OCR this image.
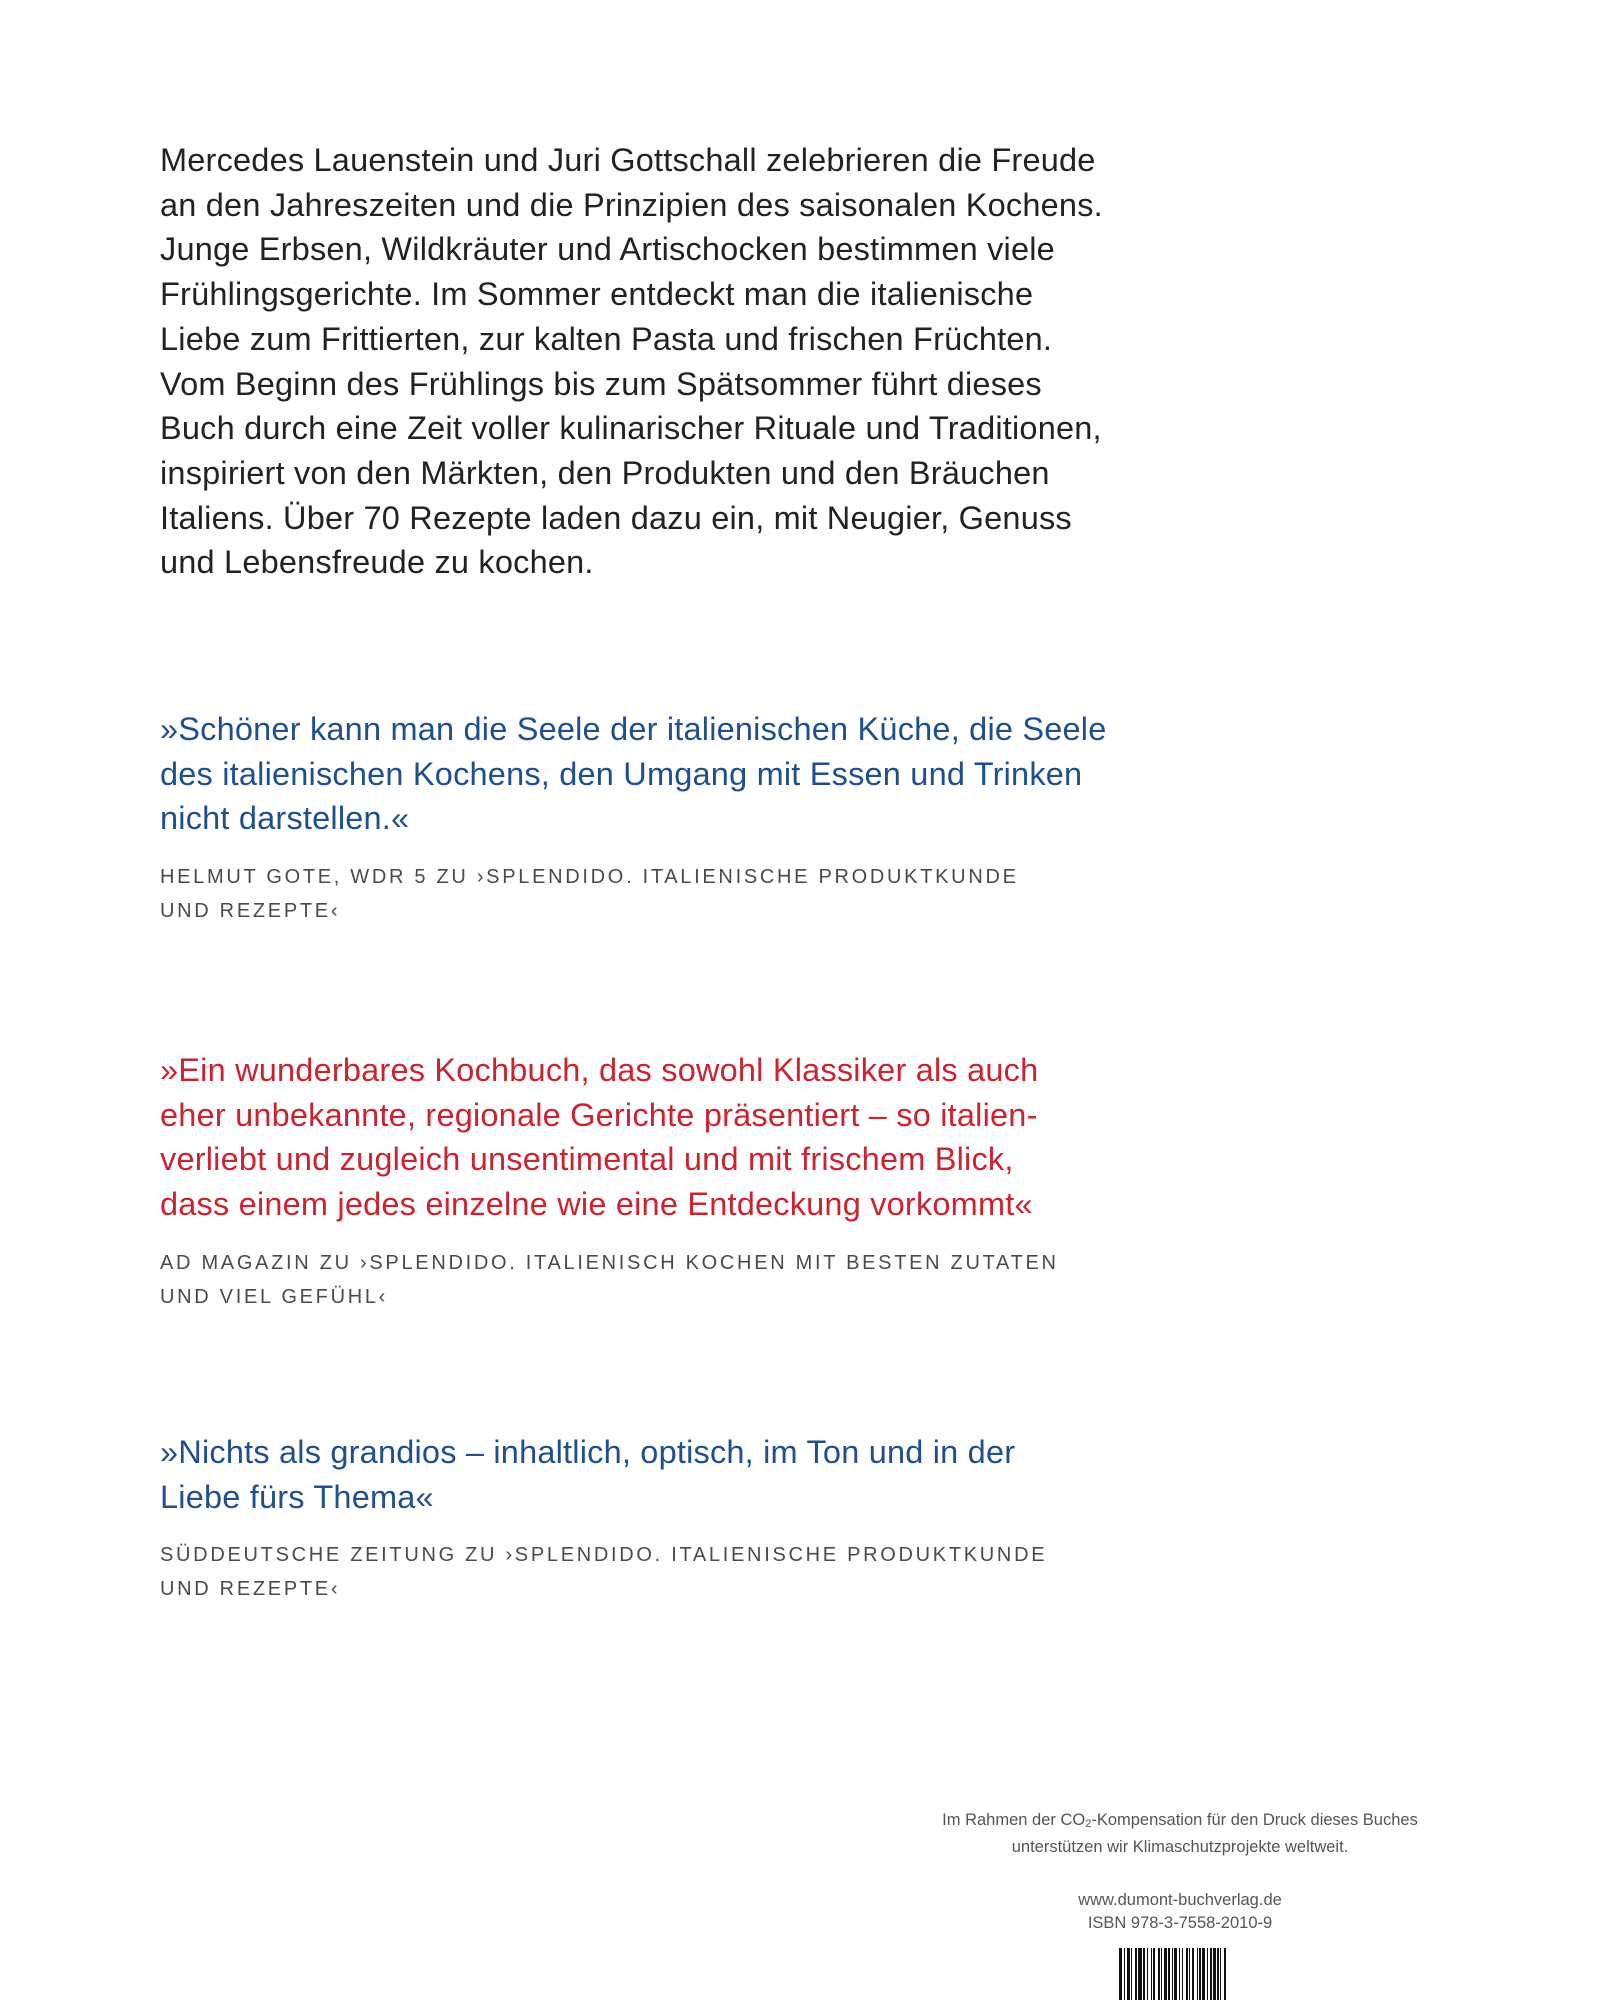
Mercedes Lauenstein und Juri Gottschall zelebrieren die Freude
an den Jahreszeiten und die Prinzipien des saisonalen Kochens.
Junge Erbsen, Wildkräuter und Artischocken bestimmen viele
Frühlingsgerichte. Im Sommer entdeckt man die italienische
Liebe zum Frittierten, zur kalten Pasta und frischen Früchten.
Vom Beginn des Frühlings bis zum Spätsommer führt dieses
Buch durch eine Zeit voller kulinarischer Rituale und Traditionen,
inspiriert von den Märkten, den Produkten und den Bräuchen
Italiens. Über 70 Rezepte laden dazu ein, mit Neugier, Genuss
und Lebensfreude zu kochen.

»Schöner kann man die Seele der italienischen Küche, die Seele
des italienischen Kochens, den Umgang mit Essen und Trinken
nicht darstellen.«

HELMUT GOTE, WDR 5 ZU ›SPLENDIDO. ITALIENISCHE PRODUKTKUNDE
UND REZEPTE‹

»Ein wunderbares Kochbuch, das sowohl Klassiker als auch
eher unbekannte, regionale Gerichte präsentiert – so italien-
verliebt und zugleich unsentimental und mit frischem Blick,
dass einem jedes einzelne wie eine Entdeckung vorkommt«

AD MAGAZIN ZU ›SPLENDIDO. ITALIENISCH KOCHEN MIT BESTEN ZUTATEN
UND VIEL GEFÜHL‹

»Nichts als grandios – inhaltlich, optisch, im Ton und in der
Liebe fürs Thema«

SÜDDEUTSCHE ZEITUNG ZU ›SPLENDIDO. ITALIENISCHE PRODUKTKUNDE
UND REZEPTE‹

Im Rahmen der $CO_2$-Kompensation für den Druck dieses Buches
unterstützen wir Klimaschutzprojekte weltweit.
www.dumont-buchverlag.de
ISBN 978-3-7558-2010-9
